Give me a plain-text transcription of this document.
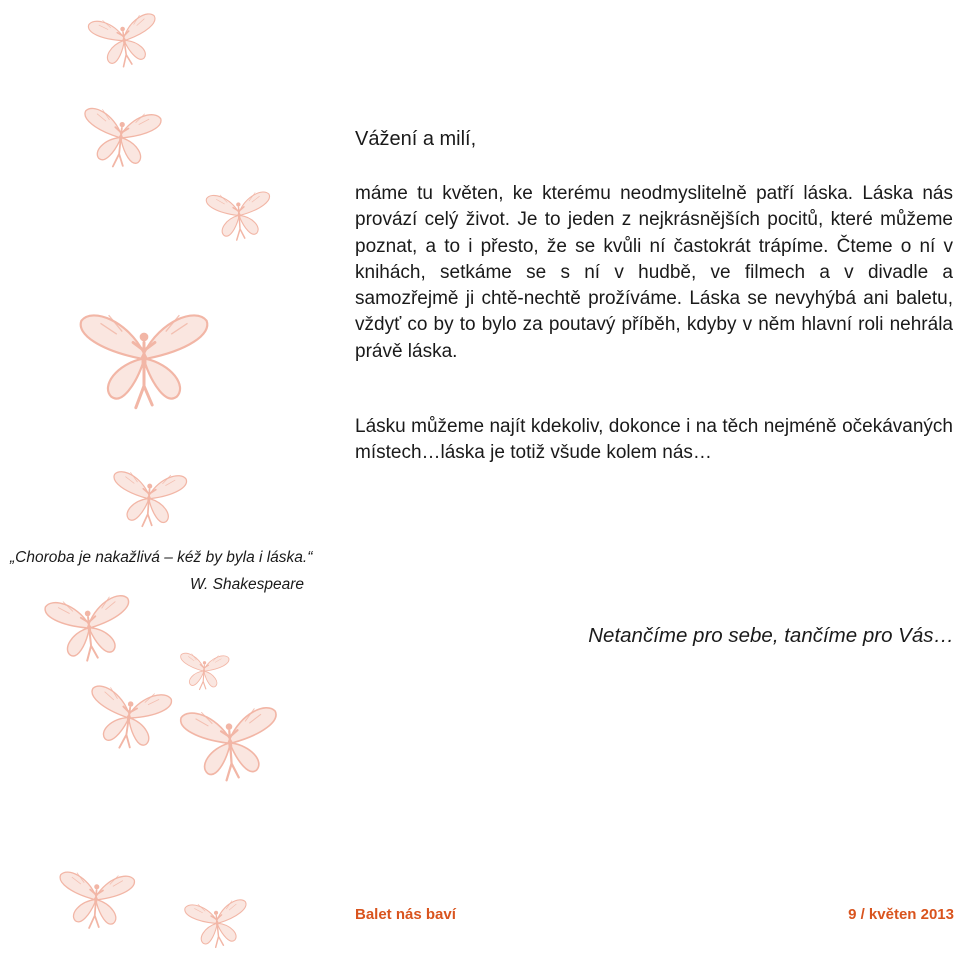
Vážení a milí,

máme tu květen, ke kterému neodmyslitelně patří láska. Láska nás provází celý život. Je to jeden z nejkrásnějších pocitů, které můžeme poznat, a to i přesto, že se kvůli ní častokrát trápíme. Čteme o ní v knihách, setkáme se s ní v hudbě, ve filmech a v divadle a samozřejmě ji chtě-nechtě prožíváme. Láska se nevyhýbá ani baletu, vždyť co by to bylo za poutavý příběh, kdyby v něm hlavní roli nehrála právě láska.

Lásku můžeme najít kdekoliv, dokonce i na těch nejméně očekávaných místech…láska je totiž všude kolem nás…

„Choroba je nakažlivá – kéž by byla i láska.“

W. Shakespeare

Netančíme pro sebe, tančíme pro Vás…

Balet nás baví	9 / květen 2013
